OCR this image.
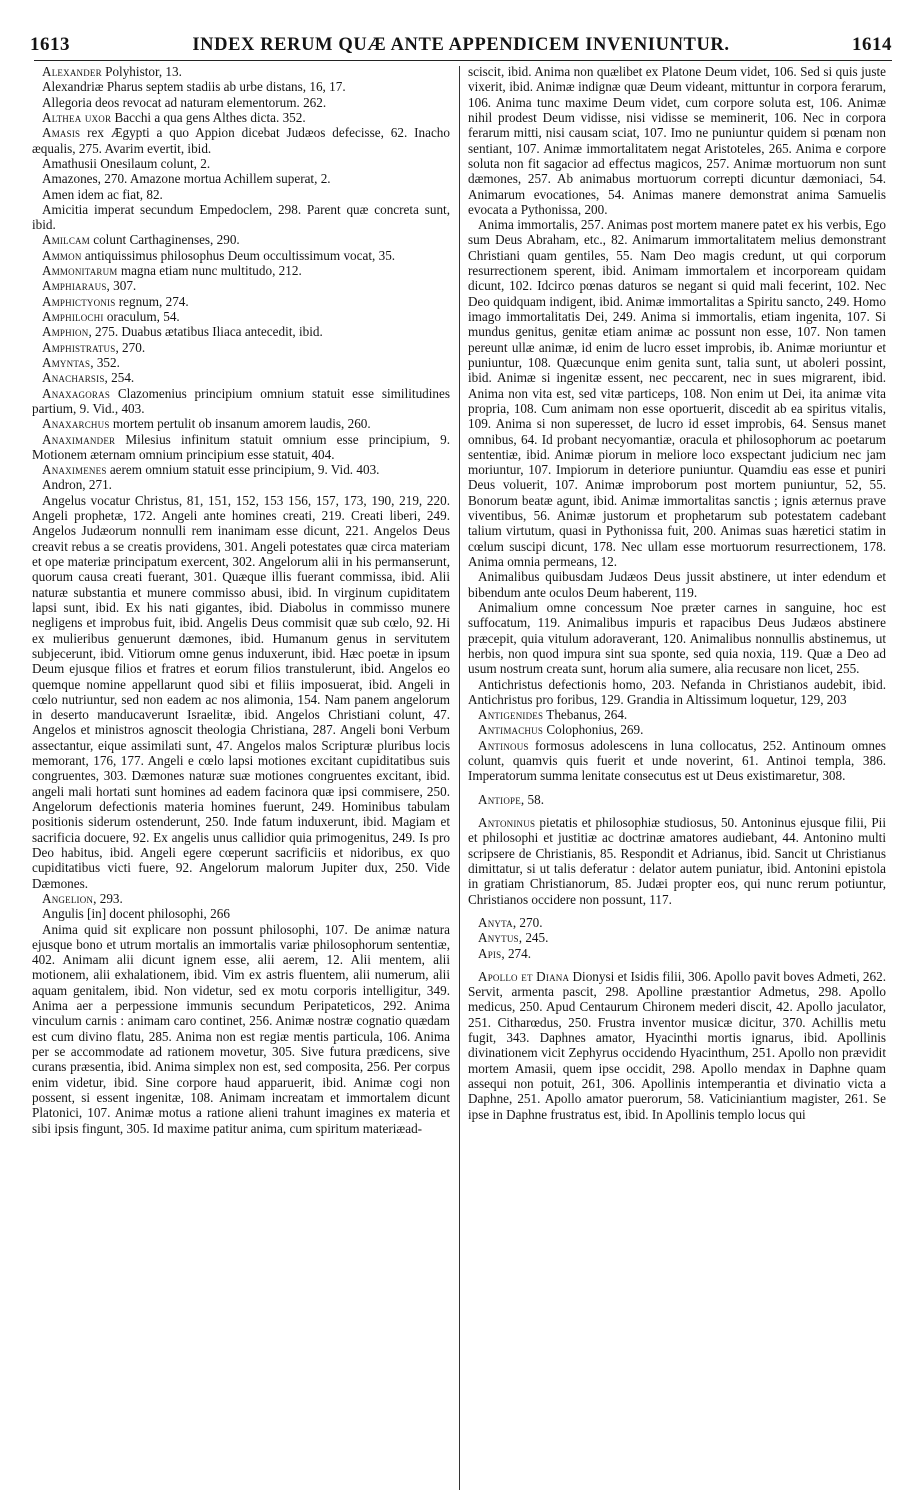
1613	INDEX RERUM QUÆ ANTE APPENDICEM INVENIUNTUR.	1614

Alexander Polyhistor, 13.

Alexandriæ Pharus septem stadiis ab urbe distans, 16, 17.

Allegoria deos revocat ad naturam elementorum. 262.

Althea uxor Bacchi a qua gens Althes dicta. 352.

Amasis rex Ægypti a quo Appion dicebat Judæos defecisse, 62. Inacho æqualis, 275. Avarim evertit, ibid.

Amathusii Onesilaum colunt, 2.

Amazones, 270. Amazone mortua Achillem superat, 2.

Amen idem ac fiat, 82.

Amicitia imperat secundum Empedoclem, 298. Parent quæ concreta sunt, ibid.

Amilcam colunt Carthaginenses, 290.

Ammon antiquissimus philosophus Deum occultissimum vocat, 35.

Ammonitarum magna etiam nunc multitudo, 212.

Amphiaraus, 307.

Amphictyonis regnum, 274.

Amphilochi oraculum, 54.

Amphion, 275. Duabus ætatibus Iliaca antecedit, ibid.

Amphistratus, 270.

Amyntas, 352.

Anacharsis, 254.

Anaxagoras Clazomenius principium omnium statuit esse similitudines partium, 9. Vid., 403.

Anaxarchus mortem pertulit ob insanum amorem laudis, 260.

Anaximander Milesius infinitum statuit omnium esse principium, 9. Motionem æternam omnium principium esse statuit, 404.

Anaximenes aerem omnium statuit esse principium, 9. Vid. 403.

Andron, 271.

Angelus vocatur Christus, 81, 151, 152, 153 156, 157, 173, 190, 219, 220. Angeli prophetæ, 172. Angeli ante homines creati, 219. Creati liberi, 249. Angelos Judæorum nonnulli rem inanimam esse dicunt, 221. Angelos Deus creavit rebus a se creatis providens, 301. Angeli potestates quæ circa materiam et ope materiæ principatum exercent, 302. Angelorum alii in his permanserunt, quorum causa creati fuerant, 301. Quæque illis fuerant commissa, ibid. Alii naturæ substantia et munere commisso abusi, ibid. In virginum cupiditatem lapsi sunt, ibid. Ex his nati gigantes, ibid. Diabolus in commisso munere negligens et improbus fuit, ibid. Angelis Deus commisit quæ sub cœlo, 92. Hi ex mulieribus genuerunt dæmones, ibid. Humanum genus in servitutem subjecerunt, ibid. Vitiorum omne genus induxerunt, ibid. Hæc poetæ in ipsum Deum ejusque filios et fratres et eorum filios transtulerunt, ibid. Angelos eo quemque nomine appellarunt quod sibi et filiis imposuerat, ibid. Angeli in cœlo nutriuntur, sed non eadem ac nos alimonia, 154. Nam panem angelorum in deserto manducaverunt Israelitæ, ibid. Angelos Christiani colunt, 47. Angelos et ministros agnoscit theologia Christiana, 287. Angeli boni Verbum assectantur, eique assimilati sunt, 47. Angelos malos Scripturæ pluribus locis memorant, 176, 177. Angeli e cœlo lapsi motiones excitant cupiditatibus suis congruentes, 303. Dæmones naturæ suæ motiones congruentes excitant, ibid. angeli mali hortati sunt homines ad eadem facinora quæ ipsi commisere, 250. Angelorum defectionis materia homines fuerunt, 249. Hominibus tabulam positionis siderum ostenderunt, 250. Inde fatum induxerunt, ibid. Magiam et sacrificia docuere, 92. Ex angelis unus callidior quia primogenitus, 249. Is pro Deo habitus, ibid. Angeli egere cœperunt sacrificiis et nidoribus, ex quo cupiditatibus victi fuere, 92. Angelorum malorum Jupiter dux, 250. Vide Dæmones.

Angelion, 293.

Angulis [in] docent philosophi, 266

Anima quid sit explicare non possunt philosophi, 107. De animæ natura ejusque bono et utrum mortalis an immortalis variæ philosophorum sententiæ, 402. Animam alii dicunt ignem esse, alii aerem, 12. Alii mentem, alii motionem, alii exhalationem, ibid. Vim ex astris fluentem, alii numerum, alii aquam genitalem, ibid. Non videtur, sed ex motu corporis intelligitur, 349. Anima aer a perpessione immunis secundum Peripateticos, 292. Anima vinculum carnis : animam caro continet, 256. Animæ nostræ cognatio quædam est cum divino flatu, 285. Anima non est regiæ mentis particula, 106. Anima per se accommodate ad rationem movetur, 305. Sive futura prædicens, sive curans præsentia, ibid. Anima simplex non est, sed composita, 256. Per corpus enim videtur, ibid. Sine corpore haud apparuerit, ibid. Animæ cogi non possent, si essent ingenitæ, 108. Animam increatam et immortalem dicunt Platonici, 107. Animæ motus a ratione alieni trahunt imagines ex materia et sibi ipsis fingunt, 305. Id maxime patitur anima, cum spiritum materiæad-

sciscit, ibid. Anima non quælibet ex Platone Deum videt, 106. Sed si quis juste vixerit, ibid. Animæ indignæ quæ Deum videant, mittuntur in corpora ferarum, 106. Anima tunc maxime Deum videt, cum corpore soluta est, 106. Animæ nihil prodest Deum vidisse, nisi vidisse se meminerit, 106. Nec in corpora ferarum mitti, nisi causam sciat, 107. Imo ne puniuntur quidem si pœnam non sentiant, 107. Animæ immortalitatem negat Aristoteles, 265. Anima e corpore soluta non fit sagacior ad effectus magicos, 257. Animæ mortuorum non sunt dæmones, 257. Ab animabus mortuorum correpti dicuntur dæmoniaci, 54. Animarum evocationes, 54. Animas manere demonstrat anima Samuelis evocata a Pythonissa, 200.

Anima immortalis, 257. Animas post mortem manere patet ex his verbis, Ego sum Deus Abraham, etc., 82. Animarum immortalitatem melius demonstrant Christiani quam gentiles, 55. Nam Deo magis credunt, ut qui corporum resurrectionem sperent, ibid. Animam immortalem et incorpoream quidam dicunt, 102. Idcirco pœnas daturos se negant si quid mali fecerint, 102. Nec Deo quidquam indigent, ibid. Animæ immortalitas a Spiritu sancto, 249. Homo imago immortalitatis Dei, 249. Anima si immortalis, etiam ingenita, 107. Si mundus genitus, genitæ etiam animæ ac possunt non esse, 107. Non tamen pereunt ullæ animæ, id enim de lucro esset improbis, ib. Animæ moriuntur et puniuntur, 108. Quæcunque enim genita sunt, talia sunt, ut aboleri possint, ibid. Animæ si ingenitæ essent, nec peccarent, nec in sues migrarent, ibid. Anima non vita est, sed vitæ particeps, 108. Non enim ut Dei, ita animæ vita propria, 108. Cum animam non esse oportuerit, discedit ab ea spiritus vitalis, 109. Anima si non superesset, de lucro id esset improbis, 64. Sensus manet omnibus, 64. Id probant necyomantiæ, oracula et philosophorum ac poetarum sententiæ, ibid. Animæ piorum in meliore loco exspectant judicium nec jam moriuntur, 107. Impiorum in deteriore puniuntur. Quamdiu eas esse et puniri Deus voluerit, 107. Animæ improborum post mortem puniuntur, 52, 55. Bonorum beatæ agunt, ibid. Animæ immortalitas sanctis ; ignis æternus prave viventibus, 56. Animæ justorum et prophetarum sub potestatem cadebant talium virtutum, quasi in Pythonissa fuit, 200. Animas suas hæretici statim in cœlum suscipi dicunt, 178. Nec ullam esse mortuorum resurrectionem, 178. Anima omnia permeans, 12.

Animalibus quibusdam Judæos Deus jussit abstinere, ut inter edendum et bibendum ante oculos Deum haberent, 119.

Animalium omne concessum Noe præter carnes in sanguine, hoc est suffocatum, 119. Animalibus impuris et rapacibus Deus Judæos abstinere præcepit, quia vitulum adoraverant, 120. Animalibus nonnullis abstinemus, ut herbis, non quod impura sint sua sponte, sed quia noxia, 119. Quæ a Deo ad usum nostrum creata sunt, horum alia sumere, alia recusare non licet, 255.

Antichristus defectionis homo, 203. Nefanda in Christianos audebit, ibid. Antichristus pro foribus, 129. Grandia in Altissimum loquetur, 129, 203

Antigenides Thebanus, 264.

Antimachus Colophonius, 269.

Antinous formosus adolescens in luna collocatus, 252. Antinoum omnes colunt, quamvis quis fuerit et unde noverint, 61. Antinoi templa, 386. Imperatorum summa lenitate consecutus est ut Deus existimaretur, 308.

Antiope, 58.

Antoninus pietatis et philosophiæ studiosus, 50. Antoninus ejusque filii, Pii et philosophi et justitiæ ac doctrinæ amatores audiebant, 44. Antonino multi scripsere de Christianis, 85. Respondit et Adrianus, ibid. Sancit ut Christianus dimittatur, si ut talis deferatur : delator autem puniatur, ibid. Antonini epistola in gratiam Christianorum, 85. Judæi propter eos, qui nunc rerum potiuntur, Christianos occidere non possunt, 117.

Anyta, 270.

Anytus, 245.

Apis, 274.

Apollo et Diana Dionysi et Isidis filii, 306. Apollo pavit boves Admeti, 262. Servit, armenta pascit, 298. Apolline præstantior Admetus, 298. Apollo medicus, 250. Apud Centaurum Chironem mederi discit, 42. Apollo jaculator, 251. Citharœdus, 250. Frustra inventor musicæ dicitur, 370. Achillis metu fugit, 343. Daphnes amator, Hyacinthi mortis ignarus, ibid. Apollinis divinationem vicit Zephyrus occidendo Hyacinthum, 251. Apollo non prævidit mortem Amasii, quem ipse occidit, 298. Apollo mendax in Daphne quam assequi non potuit, 261, 306. Apollinis intemperantia et divinatio victa a Daphne, 251. Apollo amator puerorum, 58. Vaticiniantium magister, 261. Se ipse in Daphne frustratus est, ibid. In Apollinis templo locus qui
